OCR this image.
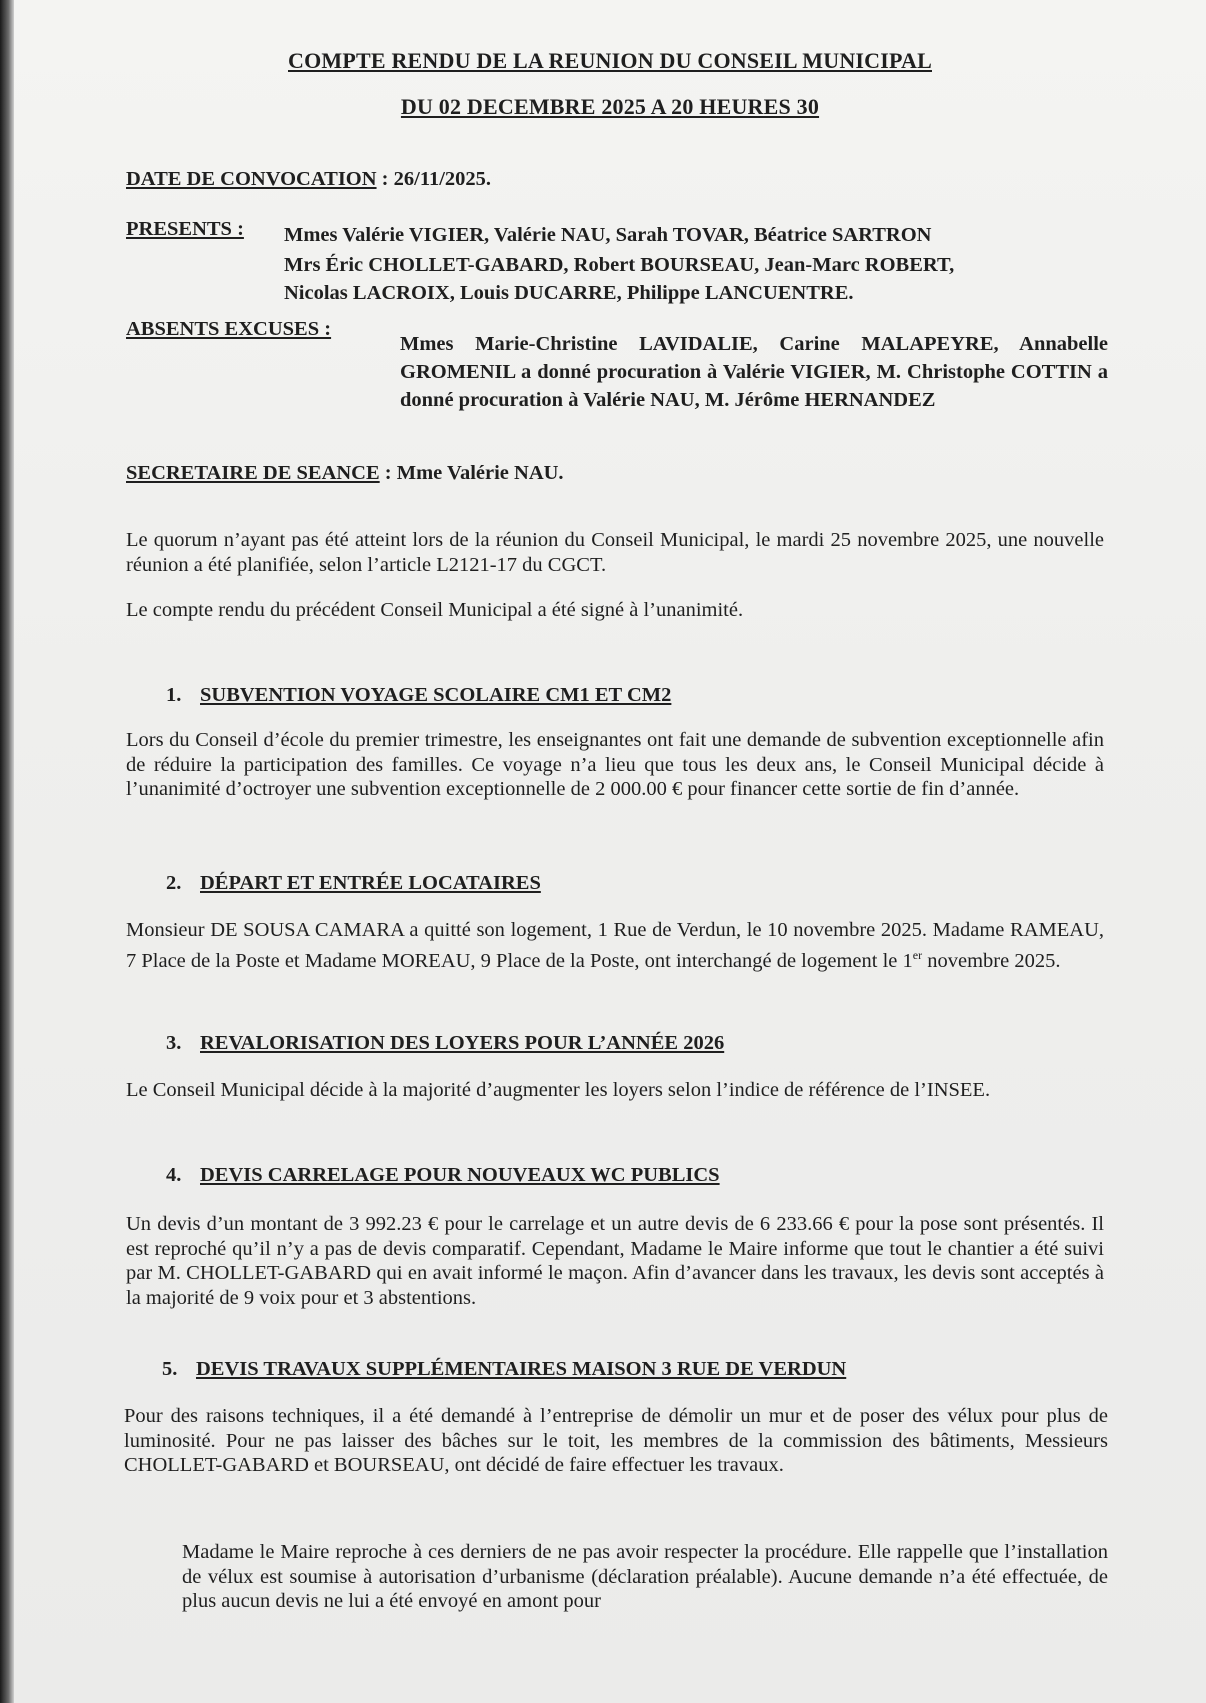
COMPTE RENDU DE LA REUNION DU CONSEIL MUNICIPAL
DU 02 DECEMBRE 2025 A 20 HEURES 30
DATE DE CONVOCATION : 26/11/2025.
PRESENTS : Mmes Valérie VIGIER, Valérie NAU, Sarah TOVAR, Béatrice SARTRON
Mrs Éric CHOLLET-GABARD, Robert BOURSEAU, Jean-Marc ROBERT,
Nicolas LACROIX, Louis DUCARRE, Philippe LANCUENTRE.
ABSENTS EXCUSES :
Mmes Marie-Christine LAVIDALIE, Carine MALAPEYRE, Annabelle GROMENIL a donné procuration à Valérie VIGIER, M. Christophe COTTIN a donné procuration à Valérie NAU, M. Jérôme HERNANDEZ
SECRETAIRE DE SEANCE : Mme Valérie NAU.
Le quorum n’ayant pas été atteint lors de la réunion du Conseil Municipal, le mardi 25 novembre 2025, une nouvelle réunion a été planifiée, selon l’article L2121-17 du CGCT.
Le compte rendu du précédent Conseil Municipal a été signé à l’unanimité.
1. SUBVENTION VOYAGE SCOLAIRE CM1 ET CM2
Lors du Conseil d’école du premier trimestre, les enseignantes ont fait une demande de subvention exceptionnelle afin de réduire la participation des familles. Ce voyage n’a lieu que tous les deux ans, le Conseil Municipal décide à l’unanimité d’octroyer une subvention exceptionnelle de 2 000.00 € pour financer cette sortie de fin d’année.
2. DÉPART ET ENTRÉE LOCATAIRES
Monsieur DE SOUSA CAMARA a quitté son logement, 1 Rue de Verdun, le 10 novembre 2025. Madame RAMEAU, 7 Place de la Poste et Madame MOREAU, 9 Place de la Poste, ont interchangé de logement le 1er novembre 2025.
3. REVALORISATION DES LOYERS POUR L’ANNÉE 2026
Le Conseil Municipal décide à la majorité d’augmenter les loyers selon l’indice de référence de l’INSEE.
4. DEVIS CARRELAGE POUR NOUVEAUX WC PUBLICS
Un devis d’un montant de 3 992.23 € pour le carrelage et un autre devis de 6 233.66 € pour la pose sont présentés. Il est reproché qu’il n’y a pas de devis comparatif. Cependant, Madame le Maire informe que tout le chantier a été suivi par M. CHOLLET-GABARD qui en avait informé le maçon. Afin d’avancer dans les travaux, les devis sont acceptés à la majorité de 9 voix pour et 3 abstentions.
5. DEVIS TRAVAUX SUPPLÉMENTAIRES MAISON 3 RUE DE VERDUN
Pour des raisons techniques, il a été demandé à l’entreprise de démolir un mur et de poser des vélux pour plus de luminosité. Pour ne pas laisser des bâches sur le toit, les membres de la commission des bâtiments, Messieurs CHOLLET-GABARD et BOURSEAU, ont décidé de faire effectuer les travaux.
Madame le Maire reproche à ces derniers de ne pas avoir respecter la procédure. Elle rappelle que l’installation de vélux est soumise à autorisation d’urbanisme (déclaration préalable). Aucune demande n’a été effectuée, de plus aucun devis ne lui a été envoyé en amont pour
